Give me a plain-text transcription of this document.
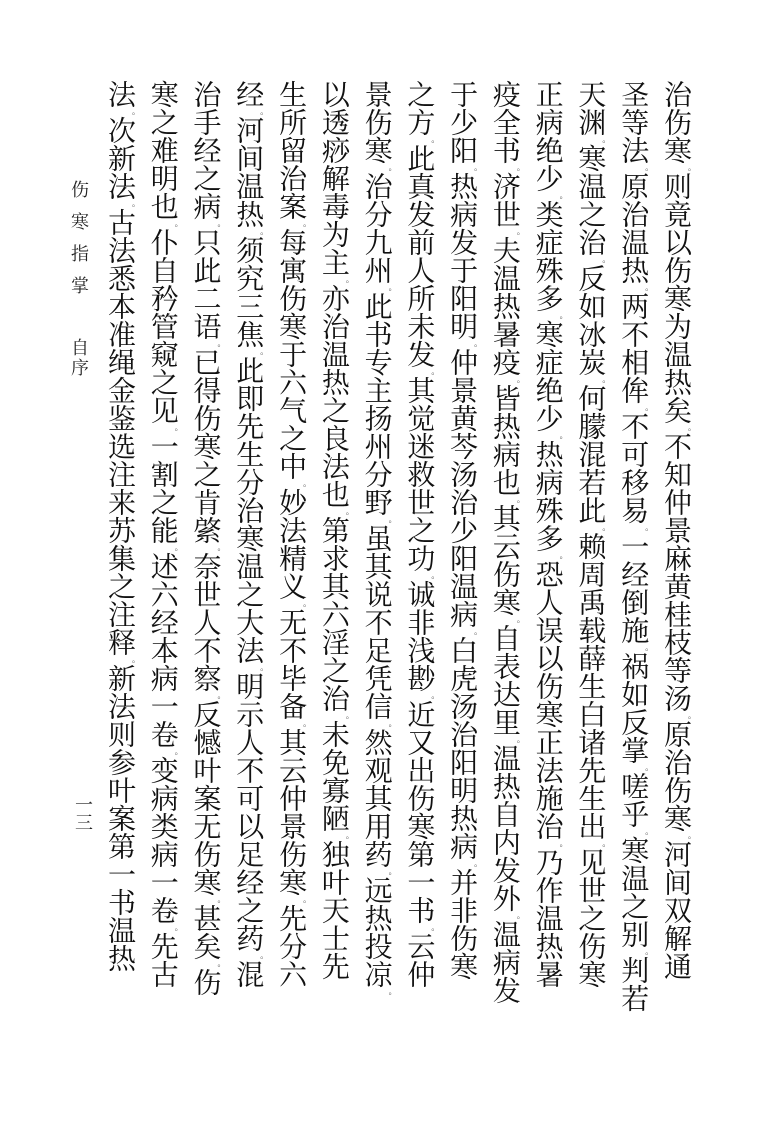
伤寒指掌 自序
一三
治伤寒。则竟以伤寒为温热矣。不知仲景麻黄桂枝等汤。原治伤寒。河间双解通
圣等法。原治温热。两不相侔。不可移易。一经倒施。祸如反掌。嗟乎。寒温之别。判若
天渊。寒温之治。反如冰炭。何朦混若此。赖周禹载薛生白诸先生出。见世之伤寒
正病绝少。类症殊多。寒症绝少。热病殊多。恐人误以伤寒正法施治。乃作温热暑
疫全书。济世。夫温热暑疫。皆热病也。其云伤寒。自表达里。温热自内发外。温病发
于少阳。热病发于阳明。仲景黄芩汤治少阳温病。白虎汤治阳明热病。并非伤寒
之方。此真发前人所未发。其觉迷救世之功。诚非浅尠。近又出伤寒第一书。云仲
景伤寒。治分九州。此书专主扬州分野。虽其说不足凭信。然观其用药。远热投凉。
以透痧解毒为主。亦治温热之良法也。第求其六淫之治。未免寡陋。独叶天士先
生所留治案。每寓伤寒于六气之中。妙法精义。无不毕备。其云仲景伤寒。先分六
经。河间温热。须究三焦。此即先生分治寒温之大法。明示人不可以足经之药。混
治手经之病。只此二语。已得伤寒之肯綮。奈世人不察。反憾叶案无伤寒。甚矣。伤
寒之难明也。仆自矜管窥之见。一割之能。述六经本病一卷。变病类病一卷。先古
法。次新法。古法悉本准绳金鉴选注来苏集之注释。新法则参叶案第一书温热
